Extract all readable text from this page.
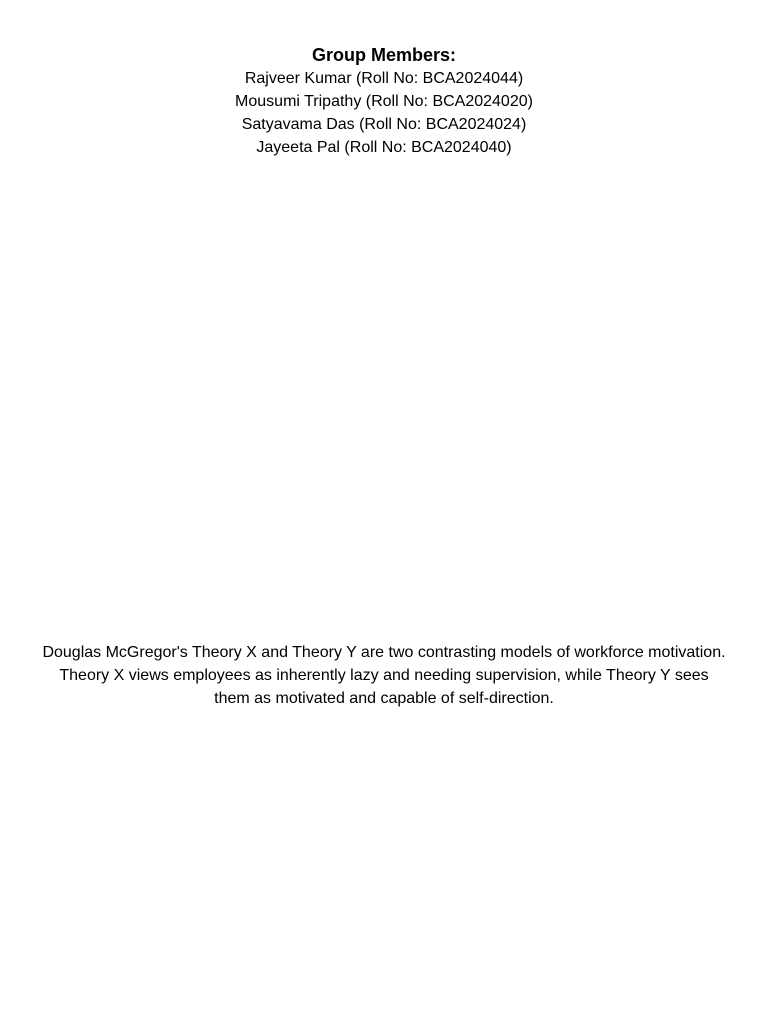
Group Members:
Rajveer Kumar (Roll No: BCA2024044)
Mousumi Tripathy (Roll No: BCA2024020)
Satyavama Das (Roll No: BCA2024024)
Jayeeta Pal (Roll No: BCA2024040)

Douglas McGregor's Theory X and Theory Y are two contrasting models of workforce motivation. Theory X views employees as inherently lazy and needing supervision, while Theory Y sees them as motivated and capable of self-direction.
